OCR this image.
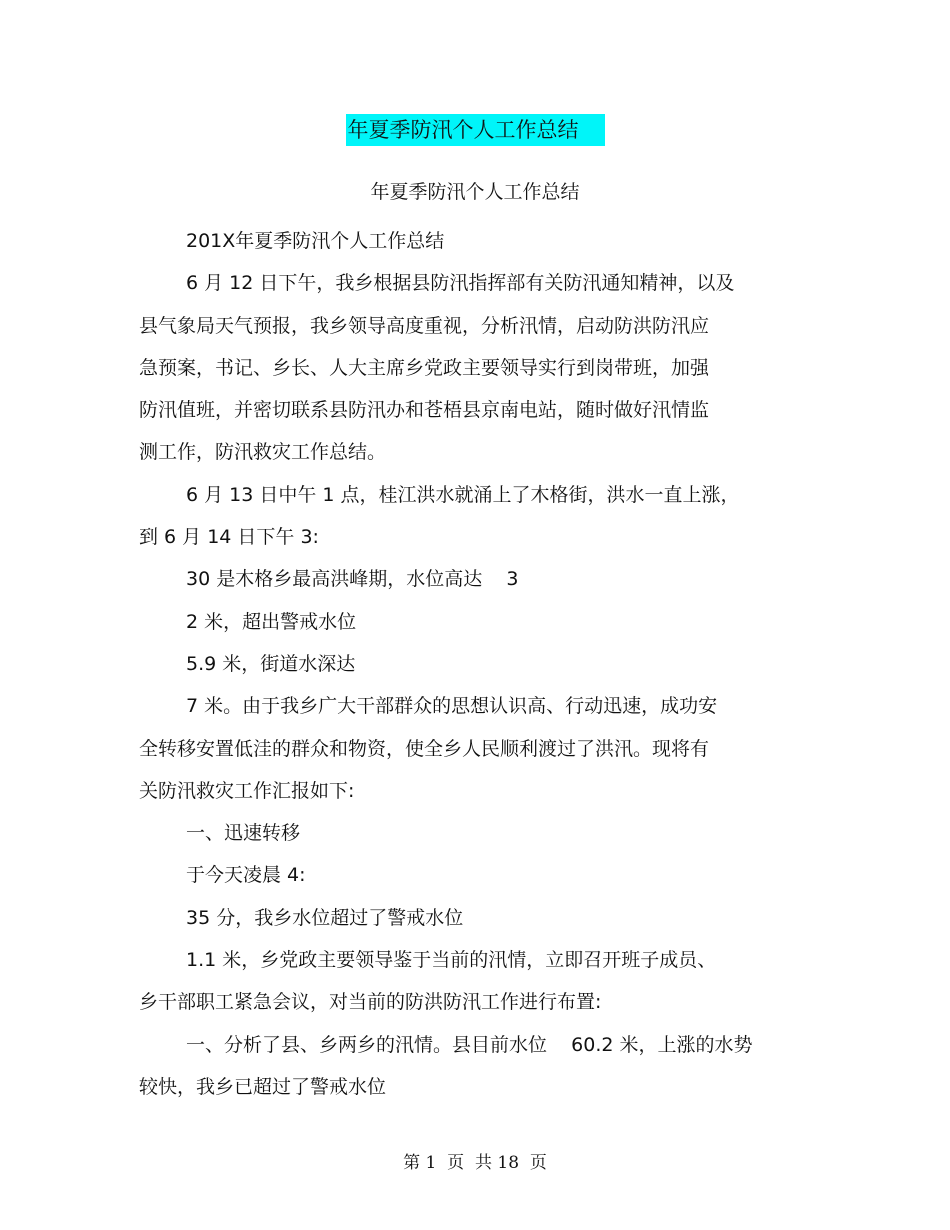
年夏季防汛个人工作总结
年夏季防汛个人工作总结

201X年夏季防汛个人工作总结

6 月 12 日下午，我乡根据县防汛指挥部有关防汛通知精神，以及

县气象局天气预报，我乡领导高度重视，分析汛情，启动防洪防汛应

急预案，书记、乡长、人大主席乡党政主要领导实行到岗带班，加强

防汛值班，并密切联系县防汛办和苍梧县京南电站，随时做好汛情监

测工作，防汛救灾工作总结。

6 月 13 日中午 1 点，桂江洪水就涌上了木格街，洪水一直上涨，

到 6 月 14 日下午 3:

30 是木格乡最高洪峰期，水位高达    3

2 米，超出警戒水位

5.9 米，街道水深达

7 米。由于我乡广大干部群众的思想认识高、行动迅速，成功安

全转移安置低洼的群众和物资，使全乡人民顺利渡过了洪汛。现将有

关防汛救灾工作汇报如下:

一、迅速转移

于今天凌晨 4:

35 分，我乡水位超过了警戒水位

1.1 米，乡党政主要领导鉴于当前的汛情，立即召开班子成员、

乡干部职工紧急会议，对当前的防洪防汛工作进行布置:

一、分析了县、乡两乡的汛情。县目前水位    60.2 米，上涨的水势

较快，我乡已超过了警戒水位

第 1  页  共 18  页
